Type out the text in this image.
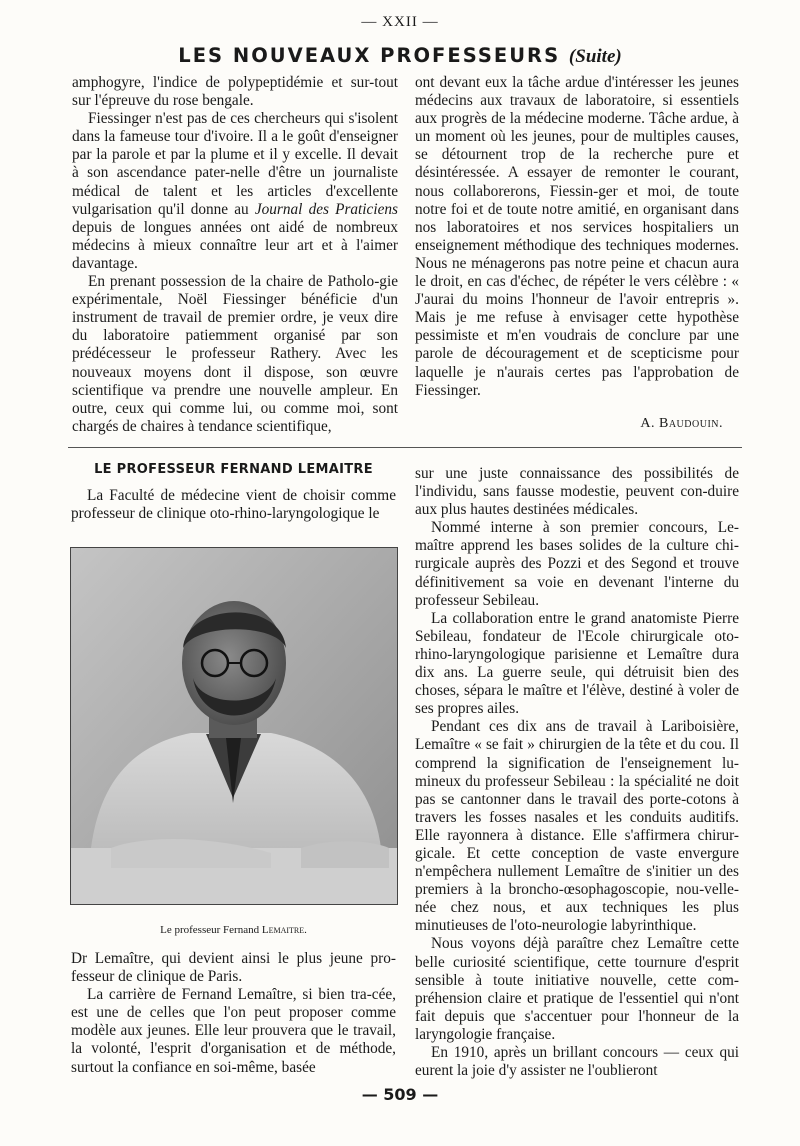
— XXII —
LES NOUVEAUX PROFESSEURS (Suite)

amphogyre, l'indice de polypeptidémie et sur-tout sur l'épreuve du rose bengale.

Fiessinger n'est pas de ces chercheurs qui s'isolent dans la fameuse tour d'ivoire. Il a le goût d'enseigner par la parole et par la plume et il y excelle. Il devait à son ascendance pater-nelle d'être un journaliste médical de talent et les articles d'excellente vulgarisation qu'il donne au Journal des Praticiens depuis de longues années ont aidé de nombreux médecins à mieux connaître leur art et à l'aimer davantage.

En prenant possession de la chaire de Patholo-gie expérimentale, Noël Fiessinger bénéficie d'un instrument de travail de premier ordre, je veux dire du laboratoire patiemment organisé par son prédécesseur le professeur Rathery. Avec les nouveaux moyens dont il dispose, son œuvre scientifique va prendre une nouvelle ampleur. En outre, ceux qui comme lui, ou comme moi, sont chargés de chaires à tendance scientifique,

ont devant eux la tâche ardue d'intéresser les jeunes médecins aux travaux de laboratoire, si essentiels aux progrès de la médecine moderne. Tâche ardue, à un moment où les jeunes, pour de multiples causes, se détournent trop de la recherche pure et désintéressée. A essayer de remonter le courant, nous collaborerons, Fiessin-ger et moi, de toute notre foi et de toute notre amitié, en organisant dans nos laboratoires et nos services hospitaliers un enseignement méthodique des techniques modernes. Nous ne ménagerons pas notre peine et chacun aura le droit, en cas d'échec, de répéter le vers célèbre : « J'aurai du moins l'honneur de l'avoir entrepris ». Mais je me refuse à envisager cette hypothèse pessimiste et m'en voudrais de conclure par une parole de découragement et de scepticisme pour laquelle je n'aurais certes pas l'approbation de Fiessinger.

A. Baudouin.
LE PROFESSEUR FERNAND LEMAITRE

La Faculté de médecine vient de choisir comme professeur de clinique oto-rhino-laryngologique le

Le professeur Fernand Lemaitre.

sur une juste connaissance des possibilités de l'individu, sans fausse modestie, peuvent con-duire aux plus hautes destinées médicales.

Nommé interne à son premier concours, Le-maître apprend les bases solides de la culture chi-rurgicale auprès des Pozzi et des Segond et trouve définitivement sa voie en devenant l'interne du professeur Sebileau.

La collaboration entre le grand anatomiste Pierre Sebileau, fondateur de l'Ecole chirurgicale oto-rhino-laryngologique parisienne et Lemaître dura dix ans. La guerre seule, qui détruisit bien des choses, sépara le maître et l'élève, destiné à voler de ses propres ailes.

Pendant ces dix ans de travail à Lariboisière, Lemaître « se fait » chirurgien de la tête et du cou. Il comprend la signification de l'enseignement lu-mineux du professeur Sebileau : la spécialité ne doit pas se cantonner dans le travail des porte-cotons à travers les fosses nasales et les conduits auditifs. Elle rayonnera à distance. Elle s'affirmera chirur-gicale. Et cette conception de vaste envergure n'empêchera nullement Lemaître de s'initier un des premiers à la broncho-œsophagoscopie, nou-velle-née chez nous, et aux techniques les plus minutieuses de l'oto-neurologie labyrinthique.

Nous voyons déjà paraître chez Lemaître cette belle curiosité scientifique, cette tournure d'esprit sensible à toute initiative nouvelle, cette com-préhension claire et pratique de l'essentiel qui n'ont fait depuis que s'accentuer pour l'honneur de la laryngologie française.

En 1910, après un brillant concours — ceux qui eurent la joie d'y assister ne l'oublieront

Dr Lemaître, qui devient ainsi le plus jeune pro-fesseur de clinique de Paris.

La carrière de Fernand Lemaître, si bien tra-cée, est une de celles que l'on peut proposer comme modèle aux jeunes. Elle leur prouvera que le travail, la volonté, l'esprit d'organisation et de méthode, surtout la confiance en soi-même, basée

— 509 —
